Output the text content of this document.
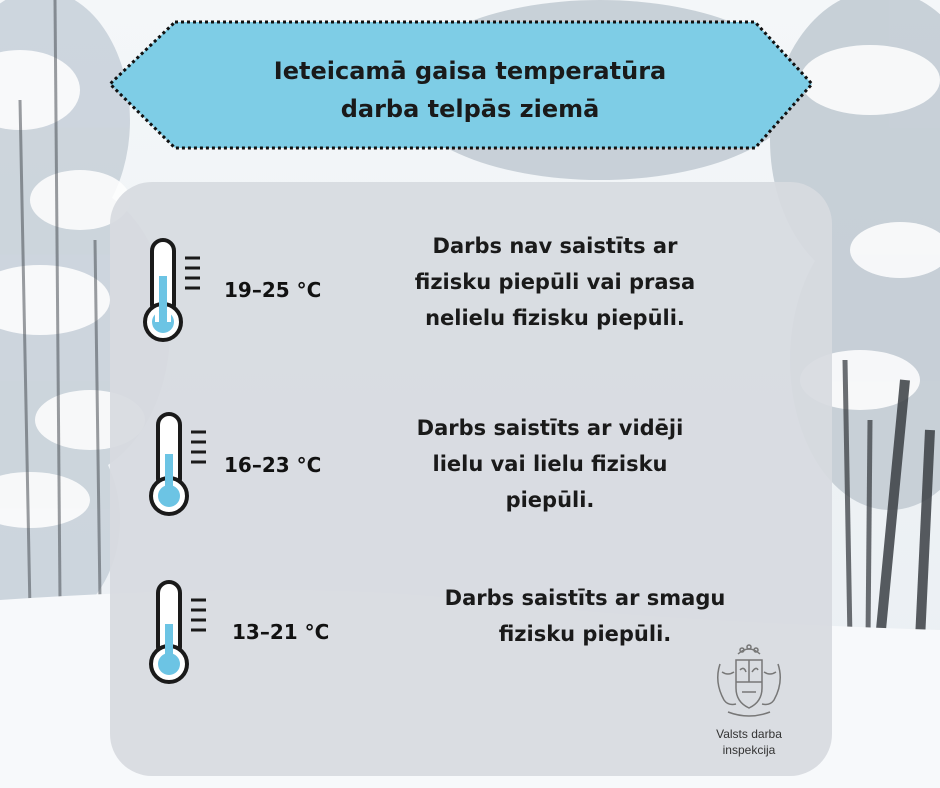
Ieteicamā gaisa temperatūra
darba telpās ziemā
19–25 °C

Darbs nav saistīts ar
fizisku piepūli vai prasa
nelielu fizisku piepūli.

16–23 °C

Darbs saistīts ar vidēji
lielu vai lielu fizisku
piepūli.

13–21 °C

Darbs saistīts ar smagu
fizisku piepūli.

Valsts darba
inspekcija
